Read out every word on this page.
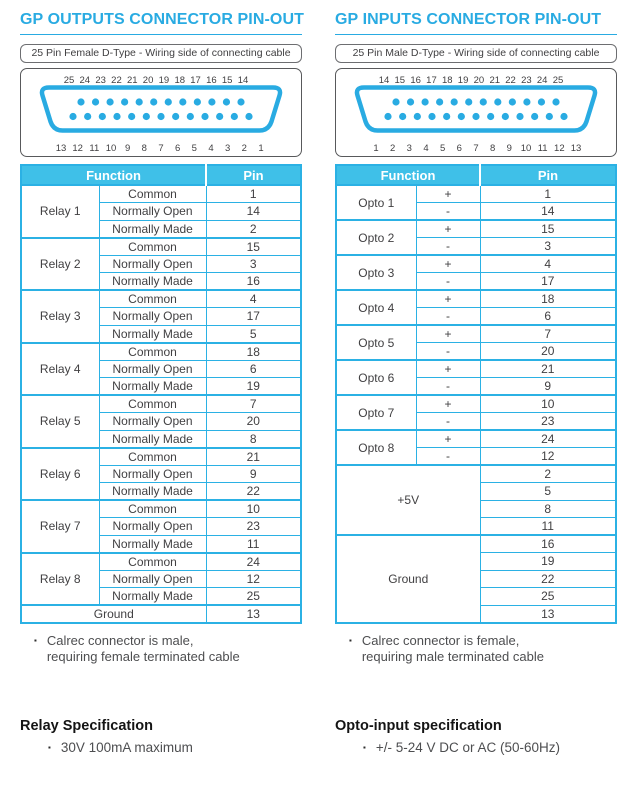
GP OUTPUTS CONNECTOR PIN-OUT
25 Pin Female D-Type - Wiring side of connecting cable
25 24 23 22 21 20 19 18 17 16 15 14
13 12 11 10 9 8 7 6 5 4 3 2 1
Function		Pin
Relay 1	Common	1
	Normally Open	14
	Normally Made	2
Relay 2	Common	15
	Normally Open	3
	Normally Made	16
Relay 3	Common	4
	Normally Open	17
	Normally Made	5
Relay 4	Common	18
	Normally Open	6
	Normally Made	19
Relay 5	Common	7
	Normally Open	20
	Normally Made	8
Relay 6	Common	21
	Normally Open	9
	Normally Made	22
Relay 7	Common	10
	Normally Open	23
	Normally Made	11
Relay 8	Common	24
	Normally Open	12
	Normally Made	25
Ground		13
▪ Calrec connector is male,
requiring female terminated cable
Relay Specification
▪ 30V 100mA maximum
GP INPUTS CONNECTOR PIN-OUT
25 Pin Male D-Type - Wiring side of connecting cable
14 15 16 17 18 19 20 21 22 23 24 25
1 2 3 4 5 6 7 8 9 10 11 12 13
Function		Pin
Opto 1	+	1
	-	14
Opto 2	+	15
	-	3
Opto 3	+	4
	-	17
Opto 4	+	18
	-	6
Opto 5	+	7
	-	20
Opto 6	+	21
	-	9
Opto 7	+	10
	-	23
Opto 8	+	24
	-	12
+5V		2
		5
		8
		11
Ground		16
		19
		22
		25
		13
▪ Calrec connector is female,
requiring male terminated cable
Opto-input specification
▪ +/- 5-24 V DC or AC (50-60Hz)
